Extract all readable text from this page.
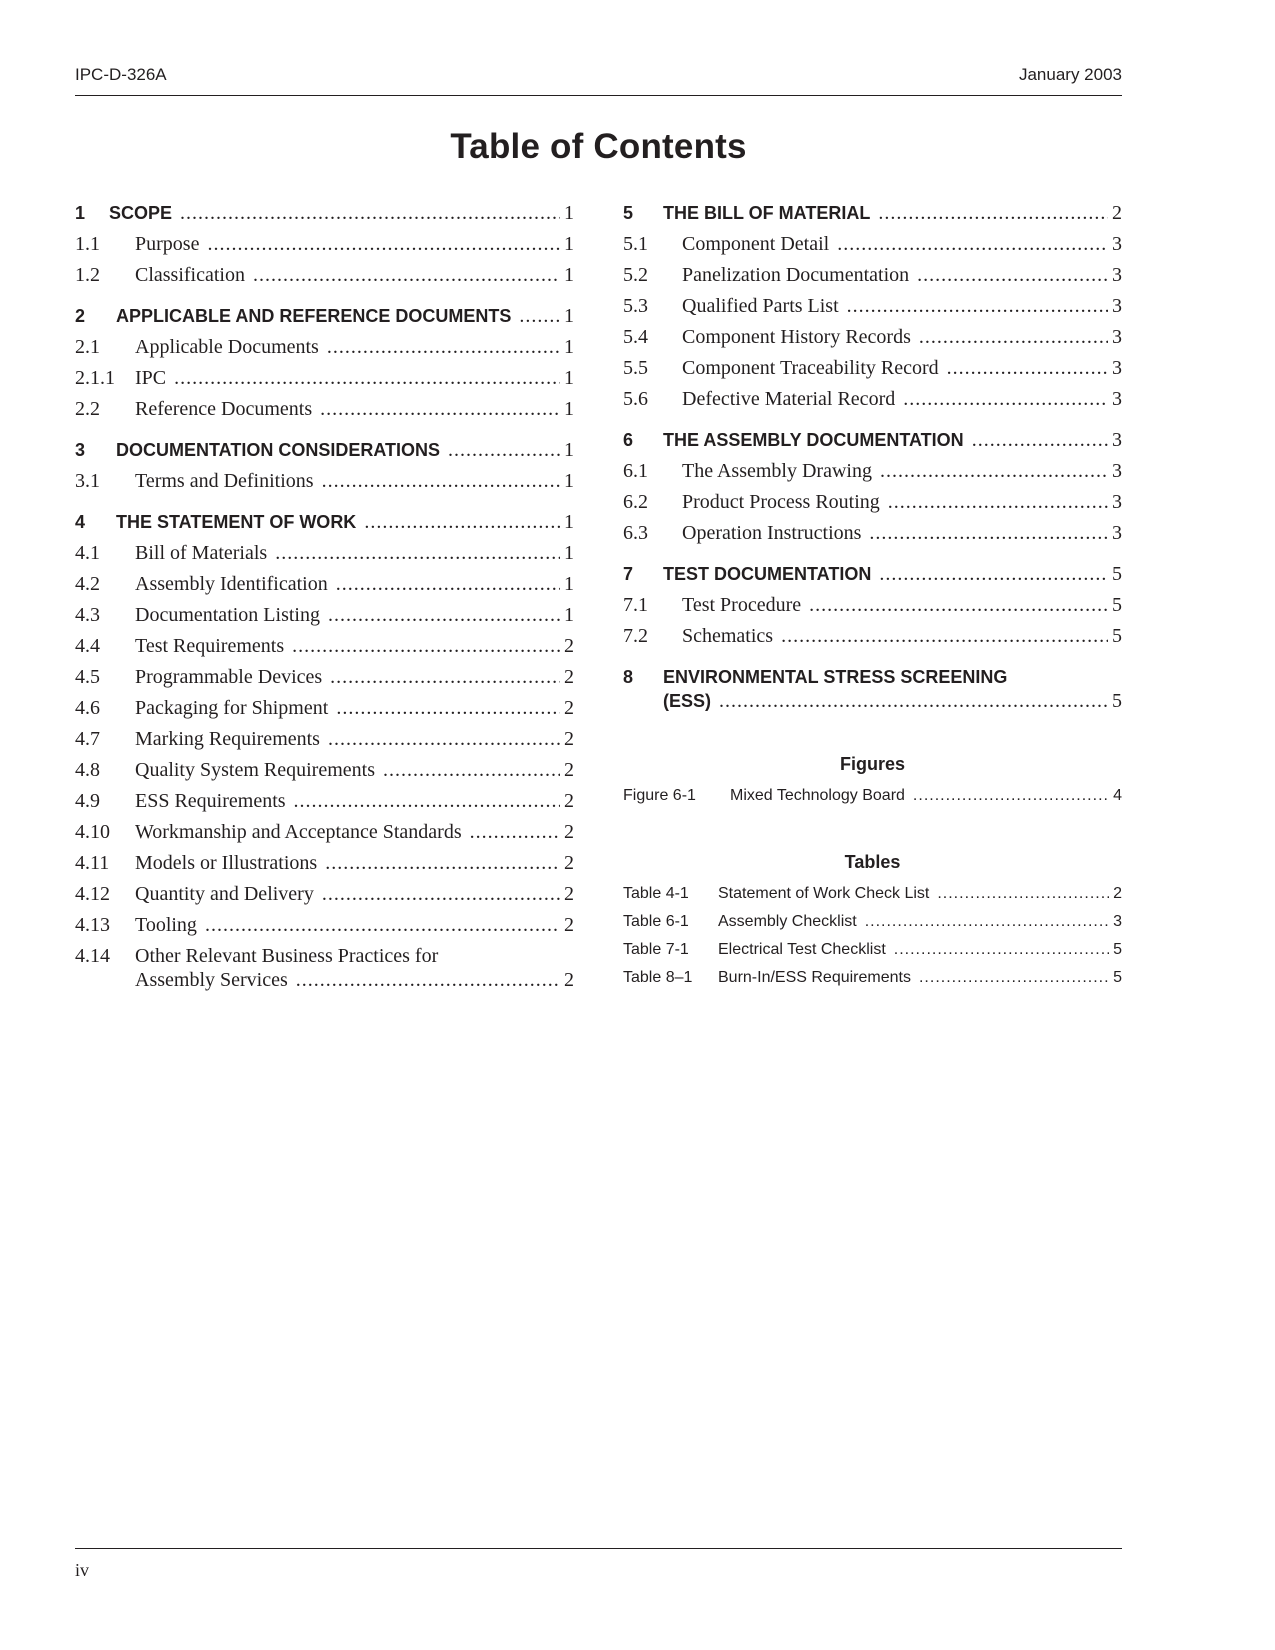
IPC-D-326A	January 2003
Table of Contents
1 SCOPE .....	1
1.1 Purpose .....	1
1.2 Classification .....	1
2 APPLICABLE AND REFERENCE DOCUMENTS .....	1
2.1 Applicable Documents .....	1
2.1.1 IPC .....	1
2.2 Reference Documents .....	1
3 DOCUMENTATION CONSIDERATIONS .....	1
3.1 Terms and Definitions .....	1
4 THE STATEMENT OF WORK .....	1
4.1 Bill of Materials .....	1
4.2 Assembly Identification .....	1
4.3 Documentation Listing .....	1
4.4 Test Requirements .....	2
4.5 Programmable Devices .....	2
4.6 Packaging for Shipment .....	2
4.7 Marking Requirements .....	2
4.8 Quality System Requirements .....	2
4.9 ESS Requirements .....	2
4.10 Workmanship and Acceptance Standards .....	2
4.11 Models or Illustrations .....	2
4.12 Quantity and Delivery .....	2
4.13 Tooling .....	2
4.14 Other Relevant Business Practices for
Assembly Services .....	2
5 THE BILL OF MATERIAL .....	2
5.1 Component Detail .....	3
5.2 Panelization Documentation .....	3
5.3 Qualified Parts List .....	3
5.4 Component History Records .....	3
5.5 Component Traceability Record .....	3
5.6 Defective Material Record .....	3
6 THE ASSEMBLY DOCUMENTATION .....	3
6.1 The Assembly Drawing .....	3
6.2 Product Process Routing .....	3
6.3 Operation Instructions .....	3
7 TEST DOCUMENTATION .....	5
7.1 Test Procedure .....	5
7.2 Schematics .....	5
8 ENVIRONMENTAL STRESS SCREENING
(ESS) .....	5
Figures
Figure 6-1 Mixed Technology Board .....	4
Tables
Table 4-1 Statement of Work Check List .....	2
Table 6-1 Assembly Checklist .....	3
Table 7-1 Electrical Test Checklist .....	5
Table 8–1 Burn-In/ESS Requirements .....	5
iv
